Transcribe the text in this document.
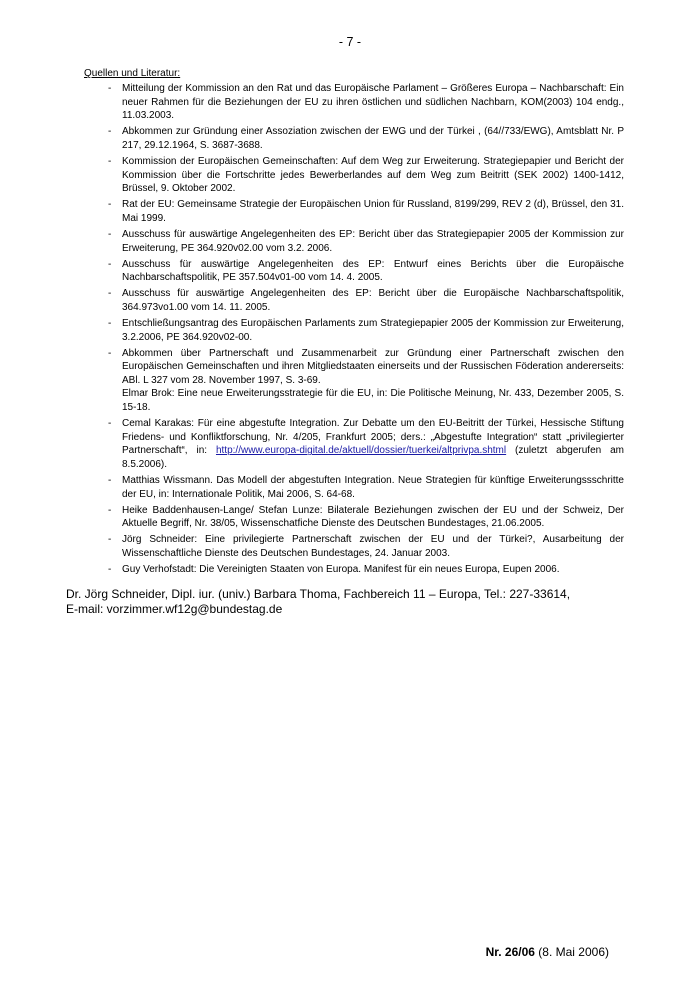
- 7 -
Quellen und Literatur:
- Mitteilung der Kommission an den Rat und das Europäische Parlament – Größeres Europa – Nachbarschaft: Ein neuer Rahmen für die Beziehungen der EU zu ihren östlichen und südlichen Nachbarn, KOM(2003) 104 endg., 11.03.2003.

- Abkommen zur Gründung einer Assoziation zwischen der EWG und der Türkei , (64//733/EWG), Amtsblatt Nr. P 217, 29.12.1964, S. 3687-3688.

- Kommission der Europäischen Gemeinschaften: Auf dem Weg zur Erweiterung. Strategiepapier und Bericht der Kommission über die Fortschritte jedes Bewerberlandes auf dem Weg zum Beitritt (SEK 2002) 1400-1412, Brüssel, 9. Oktober 2002.

- Rat der EU: Gemeinsame Strategie der Europäischen Union für Russland, 8199/299, REV 2 (d), Brüssel, den 31. Mai 1999.

- Ausschuss für auswärtige Angelegenheiten des EP: Bericht über das Strategiepapier 2005 der Kommission zur Erweiterung, PE 364.920v02.00 vom 3.2. 2006.

- Ausschuss für auswärtige Angelegenheiten des EP: Entwurf eines Berichts über die Europäische Nachbarschaftspolitik, PE 357.504v01-00 vom 14. 4. 2005.

- Ausschuss für auswärtige Angelegenheiten des EP: Bericht über die Europäische Nachbarschaftspolitik, 364.973vo1.00 vom 14. 11. 2005.

- Entschließungsantrag des Europäischen Parlaments zum Strategiepapier 2005 der Kommission zur Erweiterung, 3.2.2006, PE 364.920v02-00.

- Abkommen über Partnerschaft und Zusammenarbeit zur Gründung einer Partnerschaft zwischen den Europäischen Gemeinschaften und ihren Mitgliedstaaten einerseits und der Russischen Föderation andererseits: ABl. L 327 vom 28. November 1997, S. 3-69.

Elmar Brok: Eine neue Erweiterungsstrategie für die EU, in: Die Politische Meinung, Nr. 433, Dezember 2005, S. 15-18.

- Cemal Karakas: Für eine abgestufte Integration. Zur Debatte um den EU-Beitritt der Türkei, Hessische Stiftung Friedens- und Konfliktforschung, Nr. 4/205, Frankfurt 2005; ders.: „Abgestufte Integration“ statt „privilegierter Partnerschaft“, in: http://www.europa-digital.de/aktuell/dossier/tuerkei/altprivpa.shtml (zuletzt abgerufen am 8.5.2006).

- Matthias Wissmann. Das Modell der abgestuften Integration. Neue Strategien für künftige Erweiterungssschritte der EU, in: Internationale Politik, Mai 2006, S. 64-68.

- Heike Baddenhausen-Lange/ Stefan Lunze: Bilaterale Beziehungen zwischen der EU und der Schweiz, Der Aktuelle Begriff, Nr. 38/05, Wissenschatfiche Dienste des Deutschen Bundestages, 21.06.2005.

- Jörg Schneider: Eine privilegierte Partnerschaft zwischen der EU und der Türkei?, Ausarbeitung der Wissenschaftliche Dienste des Deutschen Bundestages, 24. Januar 2003.

- Guy Verhofstadt: Die Vereinigten Staaten von Europa. Manifest für ein neues Europa, Eupen 2006.

Dr. Jörg Schneider, Dipl. iur. (univ.) Barbara Thoma, Fachbereich 11 – Europa, Tel.: 227-33614,
E-mail: vorzimmer.wf12g@bundestag.de
Nr. 26/06 (8. Mai 2006)
